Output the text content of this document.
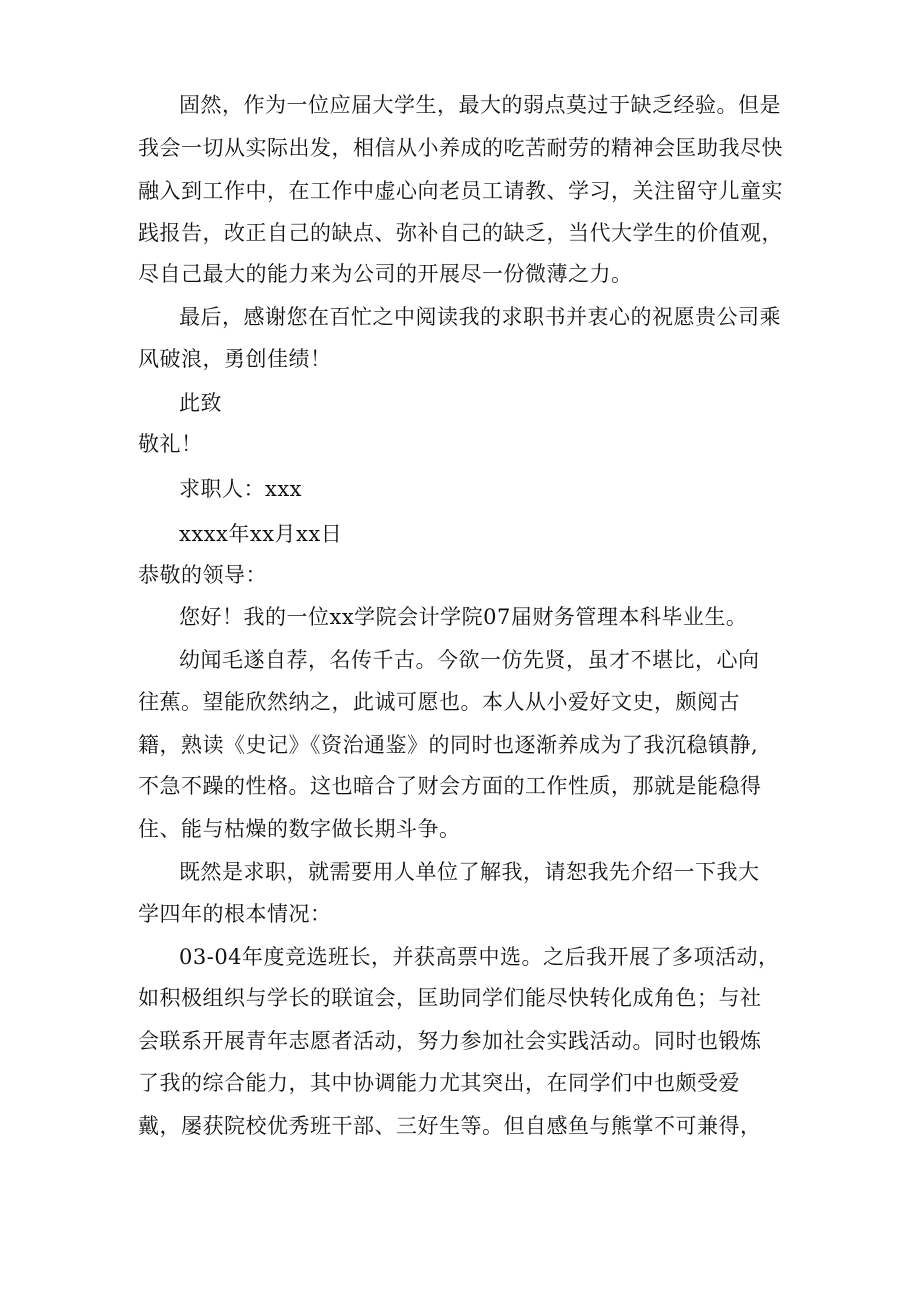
固然，作为一位应届大学生，最大的弱点莫过于缺乏经验。但是
我会一切从实际出发，相信从小养成的吃苦耐劳的精神会匡助我尽快
融入到工作中，在工作中虚心向老员工请教、学习，关注留守儿童实
践报告，改正自己的缺点、弥补自己的缺乏，当代大学生的价值观，
尽自己最大的能力来为公司的开展尽一份微薄之力。
最后，感谢您在百忙之中阅读我的求职书并衷心的祝愿贵公司乘
风破浪，勇创佳绩！
此致
敬礼！
求职人：xxx
xxxx年xx月xx日
恭敬的领导：
您好！我的一位xx学院会计学院07届财务管理本科毕业生。
幼闻毛遂自荐，名传千古。今欲一仿先贤，虽才不堪比，心向
往蕉。望能欣然纳之，此诚可愿也。本人从小爱好文史，颇阅古
籍，熟读《史记》《资治通鉴》的同时也逐渐养成为了我沉稳镇静,
不急不躁的性格。这也暗合了财会方面的工作性质，那就是能稳得
住、能与枯燥的数字做长期斗争。
既然是求职，就需要用人单位了解我，请恕我先介绍一下我大
学四年的根本情况：
03-04年度竞选班长，并获高票中选。之后我开展了多项活动，
如积极组织与学长的联谊会，匡助同学们能尽快转化成角色；与社
会联系开展青年志愿者活动，努力参加社会实践活动。同时也锻炼
了我的综合能力，其中协调能力尤其突出，在同学们中也颇受爱
戴，屡获院校优秀班干部、三好生等。但自感鱼与熊掌不可兼得，
